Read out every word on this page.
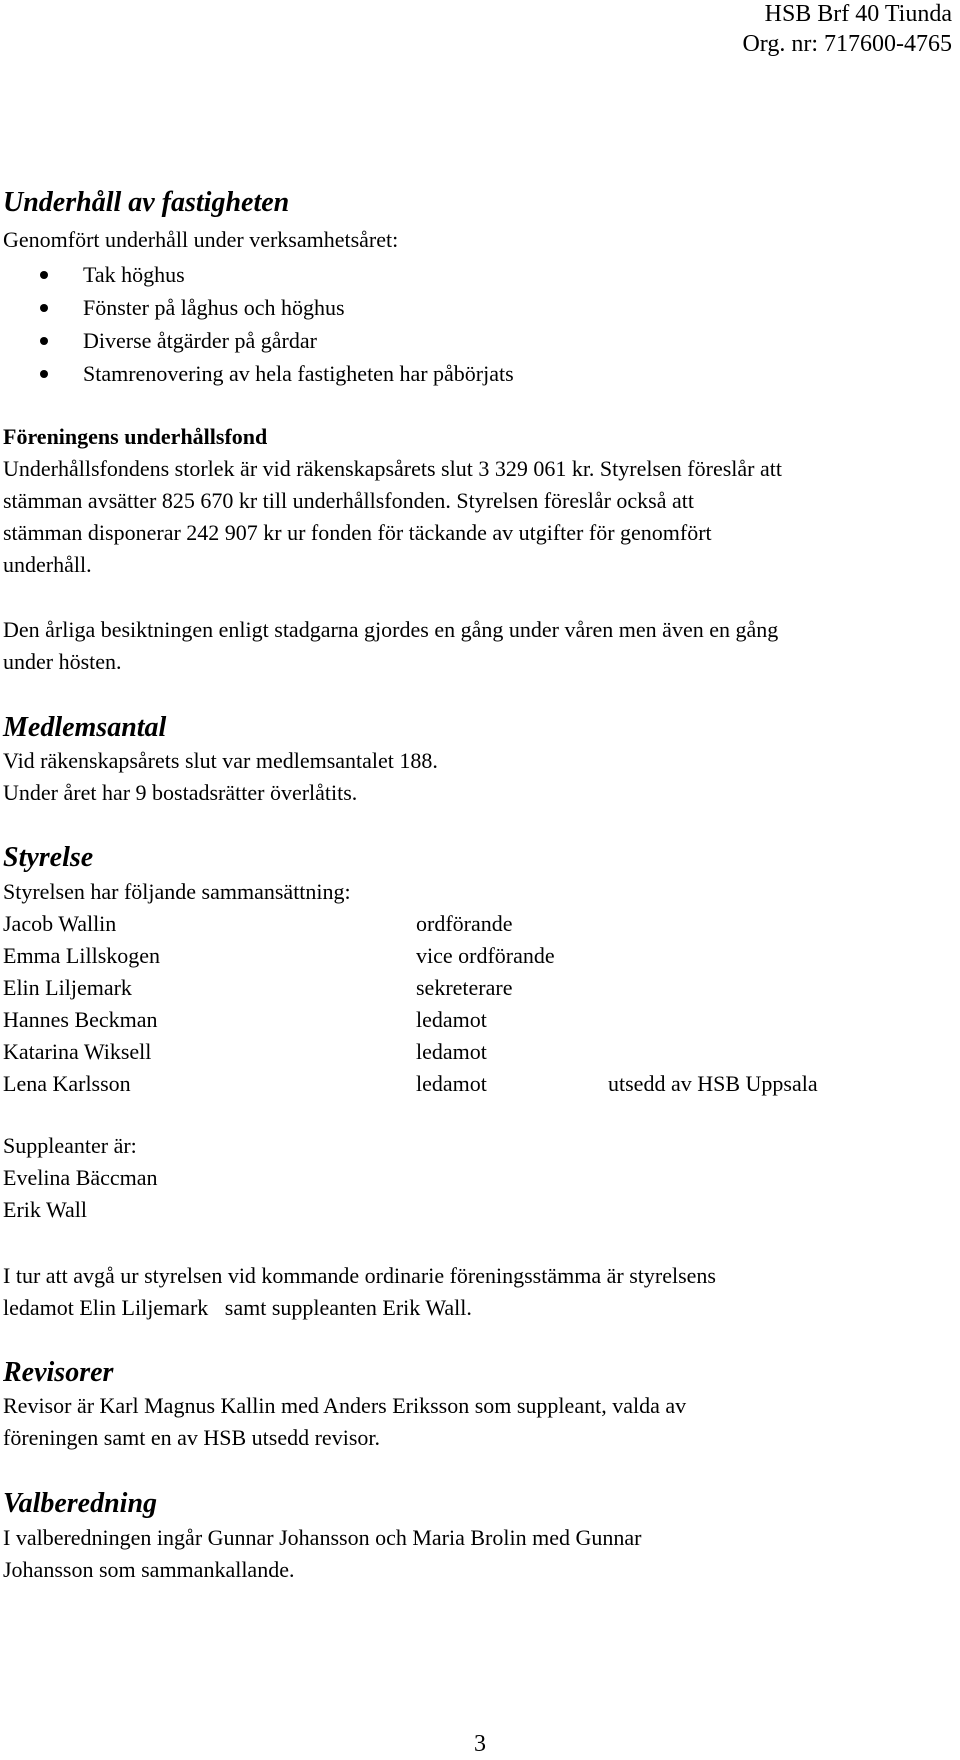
HSB Brf 40 Tiunda
Org. nr: 717600-4765
Underhåll av fastigheten
Genomfört underhåll under verksamhetsåret:
Tak höghus
Fönster på låghus och höghus
Diverse åtgärder på gårdar
Stamrenovering av hela fastigheten har påbörjats
Föreningens underhållsfond
Underhållsfondens storlek är vid räkenskapsårets slut 3 329 061 kr. Styrelsen föreslår att
stämman avsätter 825 670 kr till underhållsfonden. Styrelsen föreslår också att
stämman disponerar 242 907 kr ur fonden för täckande av utgifter för genomfört
underhåll.
Den årliga besiktningen enligt stadgarna gjordes en gång under våren men även en gång
under hösten.
Medlemsantal
Vid räkenskapsårets slut var medlemsantalet 188.
Under året har 9 bostadsrätter överlåtits.
Styrelse
Styrelsen har följande sammansättning:
Jacob Wallin	ordförande
Emma Lillskogen	vice ordförande
Elin Liljemark	sekreterare
Hannes Beckman	ledamot
Katarina Wiksell	ledamot
Lena Karlsson	ledamot	utsedd av HSB Uppsala
Suppleanter är:
Evelina Bäccman
Erik Wall
I tur att avgå ur styrelsen vid kommande ordinarie föreningsstämma är styrelsens
ledamot Elin Liljemark   samt suppleanten Erik Wall.
Revisorer
Revisor är Karl Magnus Kallin med Anders Eriksson som suppleant, valda av
föreningen samt en av HSB utsedd revisor.
Valberedning
I valberedningen ingår Gunnar Johansson och Maria Brolin med Gunnar
Johansson som sammankallande.
3
